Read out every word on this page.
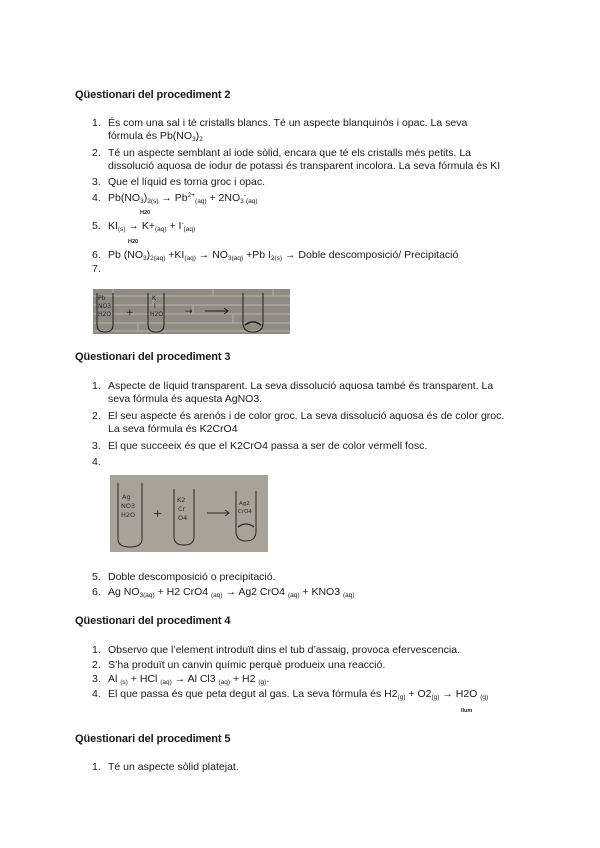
Qüestionari del procediment 2
1. És com una sal i té cristalls blancs. Té un aspecte blanquinós i opac. La seva
fórmula és $Pb(NO_3)_2$
2. Té un aspecte semblant al iode sòlid, encara que té els cristalls més petits. La
dissolució aquosa de iodur de potassi és transparent incolora. La seva fórmula és KI
3. Que el líquid es torna groc i opac.
4. $Pb(NO_3)_{2(s)} \to Pb^{2+}_{(aq)} + 2NO_3^-_{(aq)}$
H20
5. $KI_{(s)} \to K+_{(aq)} + I^-_{(aq)}$
H20
6. Pb $(NO_3)_{2(aq)} +KI_{(aq)} \to NO_{3(aq)} +Pb$ $I_{2(s)}$ → Doble descomposició/ Precipitació
7.
Pb
NO3
H2O +
K
I
H2O →
Qüestionari del procediment 3
1. Aspecte de líquid transparent. La seva dissolució aquosa també és transparent. La
seva fórmula és aquesta AgNO3.
2. El seu aspecte és arenós i de color groc. La seva dissolució aquosa és de color groc.
La seva fórmula és K2CrO4
3. El que succeeix és que el K2CrO4 passa a ser de color vermell fosc.
4.
Ag
NO3
H2O +
K2
Cr
O4
Ag2
CrO4
5. Doble descomposició o precipitació.
6. Ag $NO_{3(aq)} + H2$ CrO4 $_{(aq)}$ → Ag2 CrO4 $_{(aq)}$ + KNO3 $_{(aq)}$
Qüestionari del procediment 4
1. Observo que l’element introduït dins el tub d’assaig, provoca efervescencia.
2. S’ha produït un canvin químic perquè produeix una reacció.
3. Al $_{(s)}$ + HCl $_{(aq)}$ → Al Cl3 $_{(aq)}$ + H2 $_{(g)}$.
4. El que passa és que peta degut al gas. La seva fórmula és $H2_{(g)} + O2_{(g)} \to H2O$ $_{(g)}$
llum
Qüestionari del procediment 5
1. Té un aspecte sòlid platejat.
